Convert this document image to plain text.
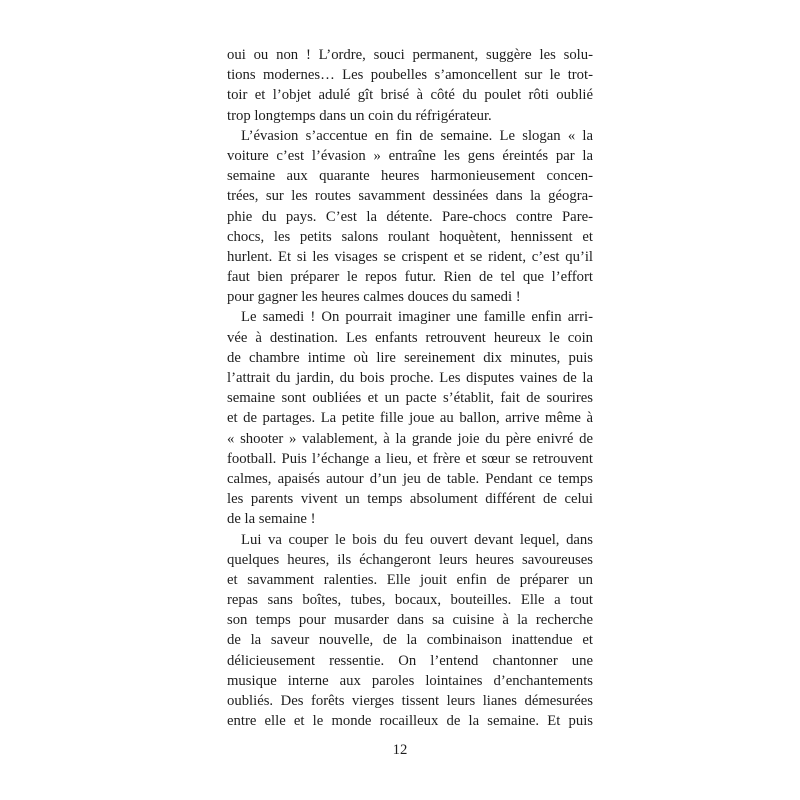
oui ou non ! L’ordre, souci permanent, suggère les solu-
tions modernes… Les poubelles s’amoncellent sur le trot-
toir et l’objet adulé gît brisé à côté du poulet rôti oublié
trop longtemps dans un coin du réfrigérateur.
L’évasion s’accentue en fin de semaine. Le slogan « la
voiture c’est l’évasion » entraîne les gens éreintés par la
semaine aux quarante heures harmonieusement concen-
trées, sur les routes savamment dessinées dans la géogra-
phie du pays. C’est la détente. Pare-chocs contre Pare-
chocs, les petits salons roulant hoquètent, hennissent et
hurlent. Et si les visages se crispent et se rident, c’est qu’il
faut bien préparer le repos futur. Rien de tel que l’effort
pour gagner les heures calmes douces du samedi !
Le samedi ! On pourrait imaginer une famille enfin arri-
vée à destination. Les enfants retrouvent heureux le coin
de chambre intime où lire sereinement dix minutes, puis
l’attrait du jardin, du bois proche. Les disputes vaines de la
semaine sont oubliées et un pacte s’établit, fait de sourires
et de partages. La petite fille joue au ballon, arrive même à
« shooter » valablement, à la grande joie du père enivré de
football. Puis l’échange a lieu, et frère et sœur se retrouvent
calmes, apaisés autour d’un jeu de table. Pendant ce temps
les parents vivent un temps absolument différent de celui
de la semaine !
Lui va couper le bois du feu ouvert devant lequel, dans
quelques heures, ils échangeront leurs heures savoureuses
et savamment ralenties. Elle jouit enfin de préparer un
repas sans boîtes, tubes, bocaux, bouteilles. Elle a tout
son temps pour musarder dans sa cuisine à la recherche
de la saveur nouvelle, de la combinaison inattendue et
délicieusement ressentie. On l’entend chantonner une
musique interne aux paroles lointaines d’enchantements
oubliés. Des forêts vierges tissent leurs lianes démesurées
entre elle et le monde rocailleux de la semaine. Et puis
12
